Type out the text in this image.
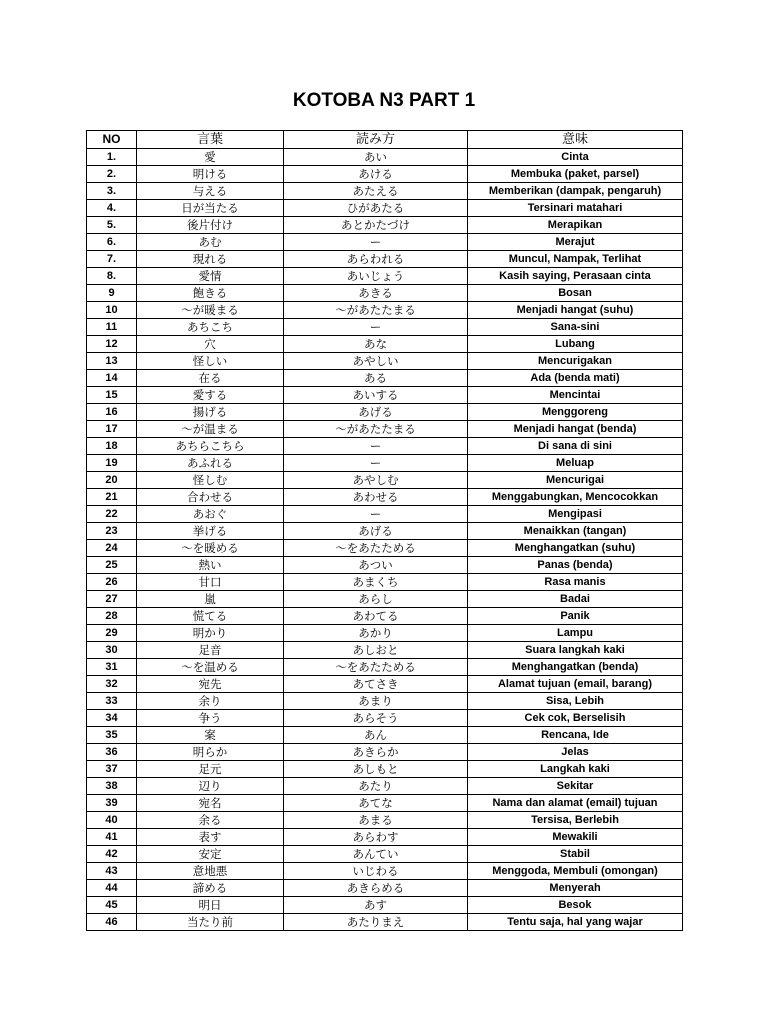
KOTOBA N3 PART 1
NO	言葉	読み方	意味
1.	愛	あい	Cinta
2.	明ける	あける	Membuka (paket, parsel)
3.	与える	あたえる	Memberikan (dampak, pengaruh)
4.	日が当たる	ひがあたる	Tersinari matahari
5.	後片付け	あとかたづけ	Merapikan
6.	あむ	ー	Merajut
7.	現れる	あらわれる	Muncul, Nampak, Terlihat
8.	愛情	あいじょう	Kasih saying, Perasaan cinta
9	飽きる	あきる	Bosan
10	〜が暖まる	〜があたたまる	Menjadi hangat (suhu)
11	あちこち	ー	Sana-sini
12	穴	あな	Lubang
13	怪しい	あやしい	Mencurigakan
14	在る	ある	Ada (benda mati)
15	愛する	あいする	Mencintai
16	揚げる	あげる	Menggoreng
17	〜が温まる	〜があたたまる	Menjadi hangat (benda)
18	あちらこちら	ー	Di sana di sini
19	あふれる	ー	Meluap
20	怪しむ	あやしむ	Mencurigai
21	合わせる	あわせる	Menggabungkan, Mencocokkan
22	あおぐ	ー	Mengipasi
23	挙げる	あげる	Menaikkan (tangan)
24	〜を暖める	〜をあたためる	Menghangatkan (suhu)
25	熱い	あつい	Panas (benda)
26	甘口	あまくち	Rasa manis
27	嵐	あらし	Badai
28	慌てる	あわてる	Panik
29	明かり	あかり	Lampu
30	足音	あしおと	Suara langkah kaki
31	〜を温める	〜をあたためる	Menghangatkan (benda)
32	宛先	あてさき	Alamat tujuan (email, barang)
33	余り	あまり	Sisa, Lebih
34	争う	あらそう	Cek cok, Berselisih
35	案	あん	Rencana, Ide
36	明らか	あきらか	Jelas
37	足元	あしもと	Langkah kaki
38	辺り	あたり	Sekitar
39	宛名	あてな	Nama dan alamat (email) tujuan
40	余る	あまる	Tersisa, Berlebih
41	表す	あらわす	Mewakili
42	安定	あんてい	Stabil
43	意地悪	いじわる	Menggoda, Membuli (omongan)
44	諦める	あきらめる	Menyerah
45	明日	あす	Besok
46	当たり前	あたりまえ	Tentu saja, hal yang wajar
